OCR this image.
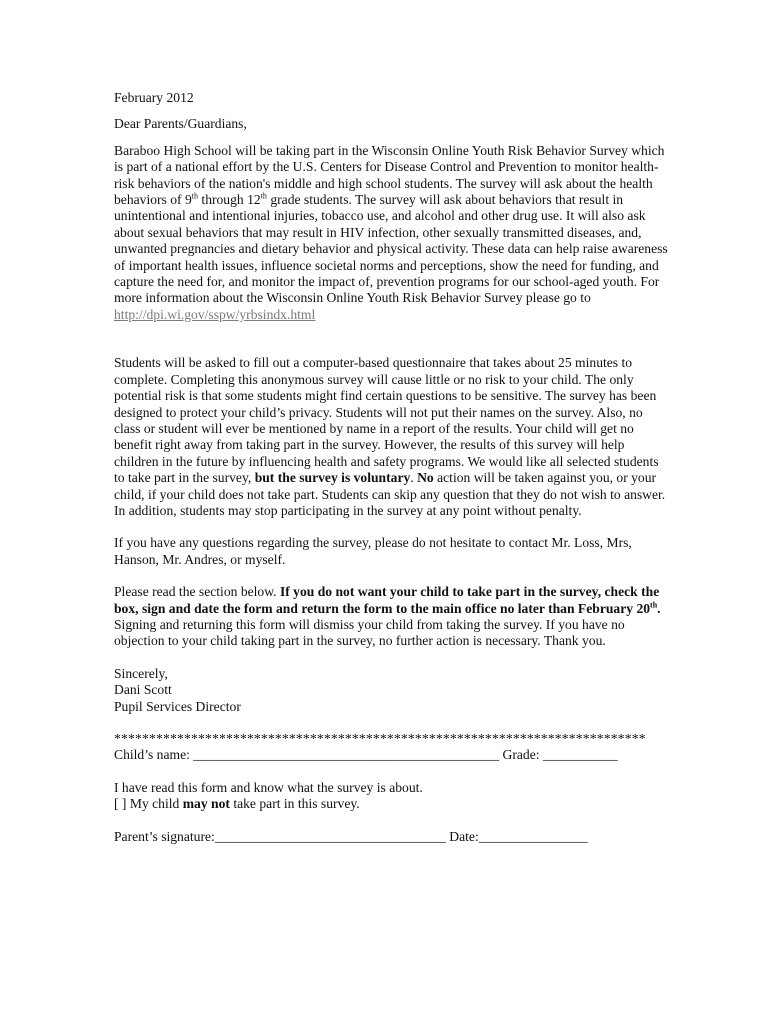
February 2012

Dear Parents/Guardians,

Baraboo High School will be taking part in the Wisconsin Online Youth Risk Behavior Survey which is part of a national effort by the U.S. Centers for Disease Control and Prevention to monitor health-risk behaviors of the nation's middle and high school students. The survey will ask about the health behaviors of 9th through 12th grade students. The survey will ask about behaviors that result in unintentional and intentional injuries, tobacco use, and alcohol and other drug use. It will also ask about sexual behaviors that may result in HIV infection, other sexually transmitted diseases, and, unwanted pregnancies and dietary behavior and physical activity. These data can help raise awareness of important health issues, influence societal norms and perceptions, show the need for funding, and capture the need for, and monitor the impact of, prevention programs for our school-aged youth. For more information about the Wisconsin Online Youth Risk Behavior Survey please go to http://dpi.wi.gov/sspw/yrbsindx.html

Students will be asked to fill out a computer-based questionnaire that takes about 25 minutes to complete. Completing this anonymous survey will cause little or no risk to your child. The only potential risk is that some students might find certain questions to be sensitive. The survey has been designed to protect your child’s privacy. Students will not put their names on the survey. Also, no class or student will ever be mentioned by name in a report of the results. Your child will get no benefit right away from taking part in the survey. However, the results of this survey will help children in the future by influencing health and safety programs. We would like all selected students to take part in the survey, but the survey is voluntary. No action will be taken against you, or your child, if your child does not take part. Students can skip any question that they do not wish to answer. In addition, students may stop participating in the survey at any point without penalty.

If you have any questions regarding the survey, please do not hesitate to contact Mr. Loss, Mrs, Hanson, Mr. Andres, or myself.

Please read the section below. If you do not want your child to take part in the survey, check the box, sign and date the form and return the form to the main office no later than February 20th. Signing and returning this form will dismiss your child from taking the survey. If you have no objection to your child taking part in the survey, no further action is necessary. Thank you.

Sincerely,
Dani Scott
Pupil Services Director
****************************************************************************
Child’s name: _____________________________________________ Grade: ___________
I have read this form and know what the survey is about.
[ ] My child may not take part in this survey.
Parent’s signature:__________________________________ Date:________________
